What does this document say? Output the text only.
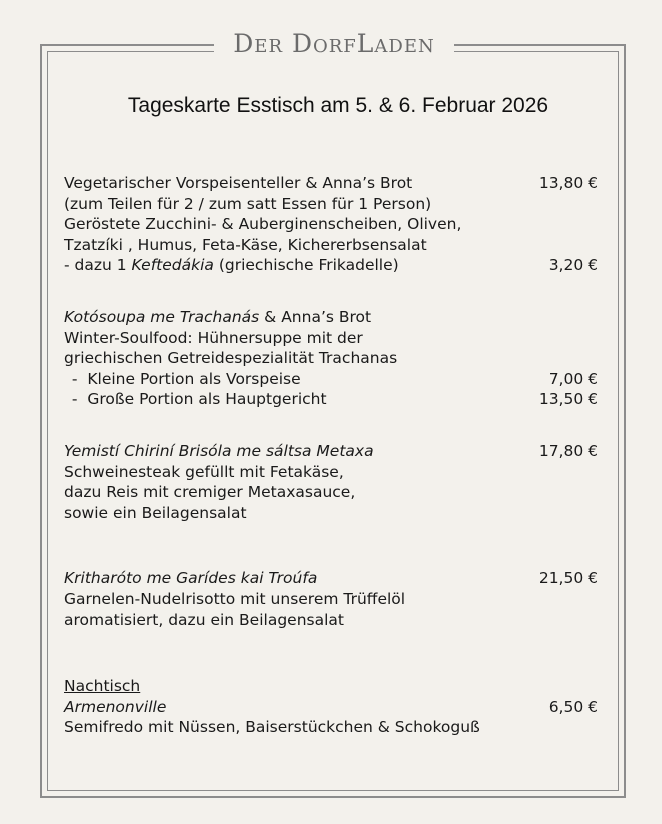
Der DorfLaden
Tageskarte Esstisch am 5. & 6. Februar 2026
Vegetarischer Vorspeisenteller & Anna’s Brot	13,80 €
(zum Teilen für 2 / zum satt Essen für 1 Person)
Geröstete Zucchini- & Auberginenscheiben, Oliven,
Tzatzíki , Humus, Feta-Käse, Kichererbsensalat
- dazu 1 Keftedákia (griechische Frikadelle)	3,20 €
Kotósoupa me Trachanás & Anna’s Brot
Winter-Soulfood: Hühnersuppe mit der
griechischen Getreidespezialität Trachanas
-  Kleine Portion als Vorspeise	7,00 €
-  Große Portion als Hauptgericht	13,50 €
Yemistí Chiriní Brisóla me sáltsa Metaxa	17,80 €
Schweinesteak gefüllt mit Fetakäse,
dazu Reis mit cremiger Metaxasauce,
sowie ein Beilagensalat
Kritharóto me Garídes kai Troúfa	21,50 €
Garnelen-Nudelrisotto mit unserem Trüffelöl
aromatisiert, dazu ein Beilagensalat
Nachtisch
Armenonville	6,50 €
Semifredo mit Nüssen, Baiserstückchen & Schokoguß
